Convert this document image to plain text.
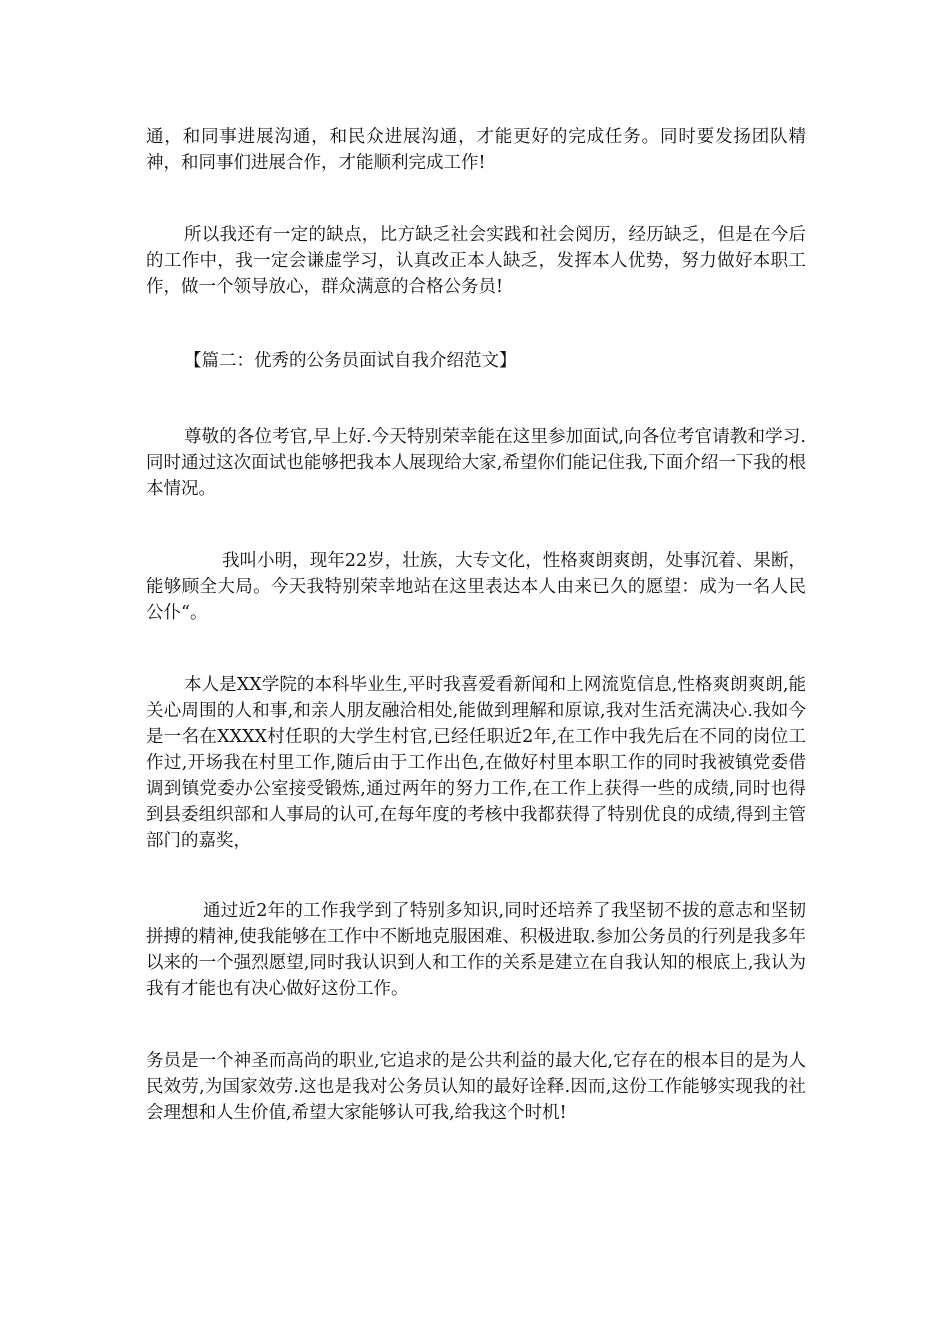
通，和同事进展沟通，和民众进展沟通，才能更好的完成任务。同时要发扬团队精神，和同事们进展合作，才能顺利完成工作!

所以我还有一定的缺点，比方缺乏社会实践和社会阅历，经历缺乏，但是在今后的工作中，我一定会谦虚学习，认真改正本人缺乏，发挥本人优势，努力做好本职工作，做一个领导放心，群众满意的合格公务员!

【篇二：优秀的公务员面试自我介绍范文】

尊敬的各位考官,早上好.今天特别荣幸能在这里参加面试,向各位考官请教和学习.同时通过这次面试也能够把我本人展现给大家,希望你们能记住我,下面介绍一下我的根本情况。

我叫小明，现年22岁，壮族，大专文化，性格爽朗爽朗，处事沉着、果断，能够顾全大局。今天我特别荣幸地站在这里表达本人由来已久的愿望：成为一名人民公仆“。

本人是XX学院的本科毕业生,平时我喜爱看新闻和上网流览信息,性格爽朗爽朗,能关心周围的人和事,和亲人朋友融洽相处,能做到理解和原谅,我对生活充满决心.我如今是一名在XXXX村任职的大学生村官,已经任职近2年,在工作中我先后在不同的岗位工作过,开场我在村里工作,随后由于工作出色,在做好村里本职工作的同时我被镇党委借调到镇党委办公室接受锻炼,通过两年的努力工作,在工作上获得一些的成绩,同时也得到县委组织部和人事局的认可,在每年度的考核中我都获得了特别优良的成绩,得到主管部门的嘉奖，

通过近2年的工作我学到了特别多知识,同时还培养了我坚韧不拔的意志和坚韧拼搏的精神,使我能够在工作中不断地克服困难、积极进取.参加公务员的行列是我多年以来的一个强烈愿望,同时我认识到人和工作的关系是建立在自我认知的根底上,我认为我有才能也有决心做好这份工作。

务员是一个神圣而高尚的职业,它追求的是公共利益的最大化,它存在的根本目的是为人民效劳,为国家效劳.这也是我对公务员认知的最好诠释.因而,这份工作能够实现我的社会理想和人生价值,希望大家能够认可我,给我这个时机!
